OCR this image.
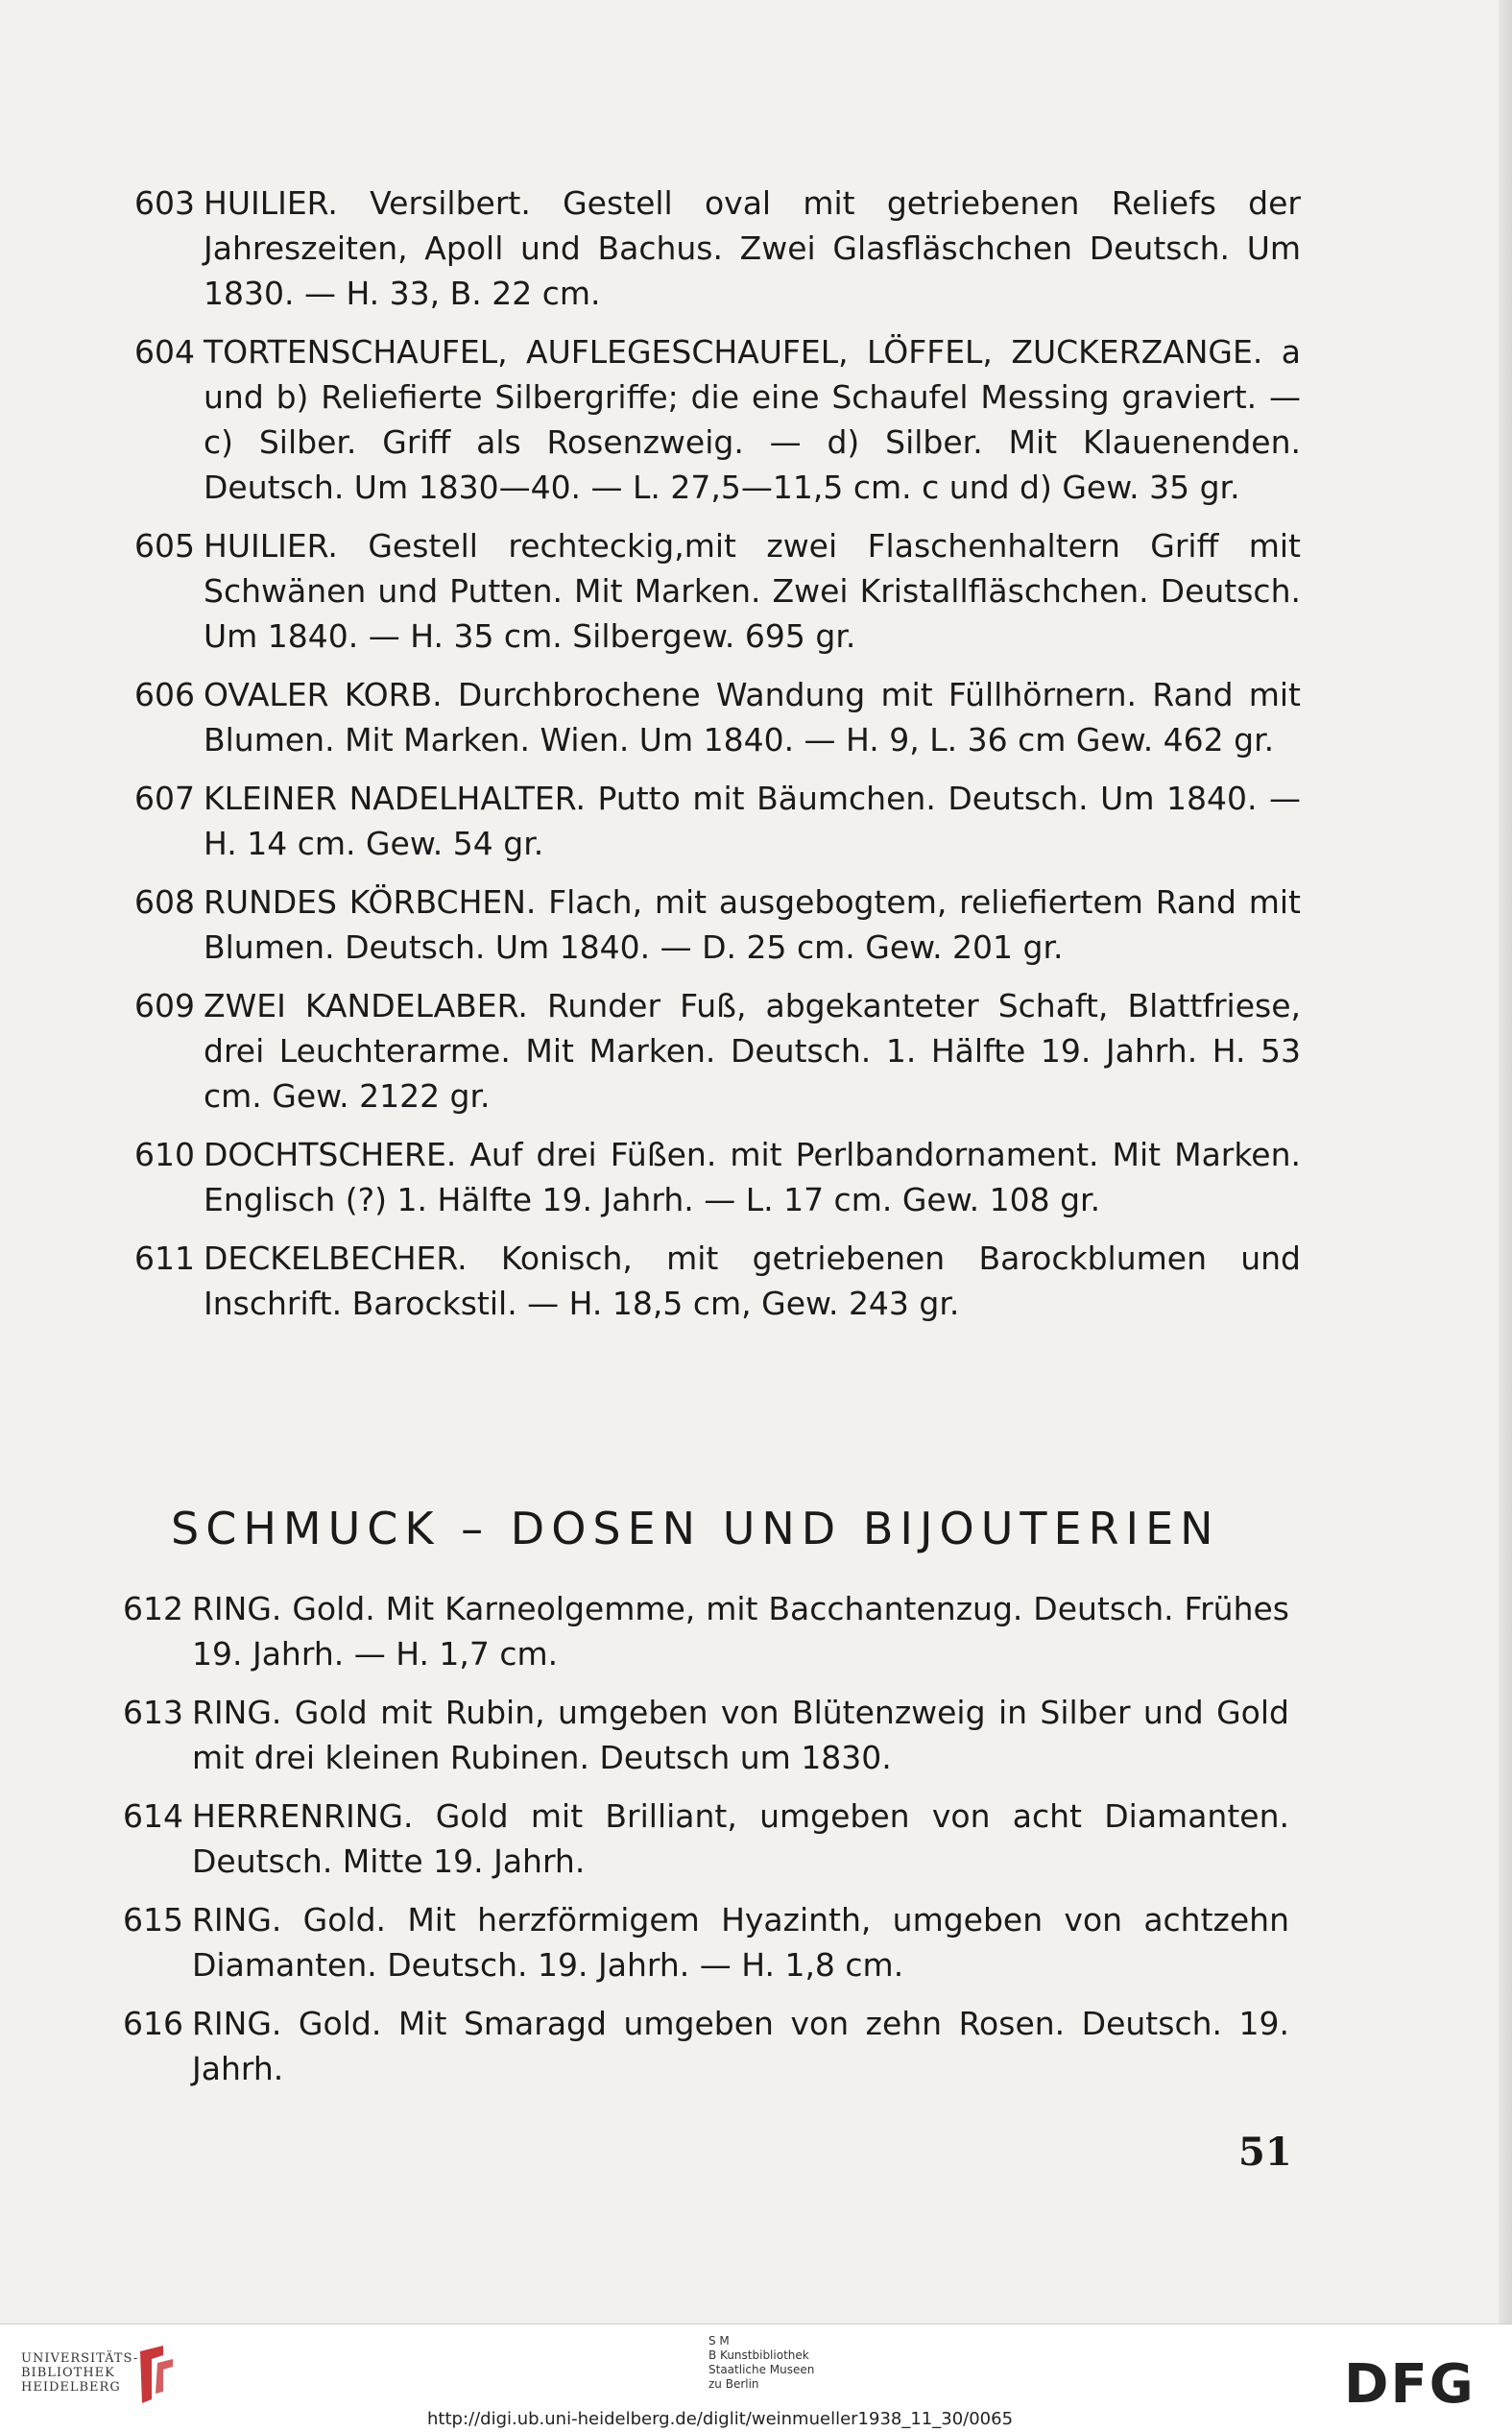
603 HUILIER. Versilbert. Gestell oval mit getriebenen Reliefs der Jahreszeiten, Apoll und Bachus. Zwei Glasfläschchen Deutsch. Um 1830. — H. 33, B. 22 cm.
604 TORTENSCHAUFEL, AUFLEGESCHAUFEL, LÖFFEL, ZUCKERZANGE. a und b) Reliefierte Silbergriffe; die eine Schaufel Messing graviert. — c) Silber. Griff als Rosenzweig. — d) Silber. Mit Klauenenden. Deutsch. Um 1830—40. — L. 27,5—11,5 cm. c und d) Gew. 35 gr.
605 HUILIER. Gestell rechteckig,mit zwei Flaschenhaltern Griff mit Schwänen und Putten. Mit Marken. Zwei Kristallfläschchen. Deutsch. Um 1840. — H. 35 cm. Silbergew. 695 gr.
606 OVALER KORB. Durchbrochene Wandung mit Füllhörnern. Rand mit Blumen. Mit Marken. Wien. Um 1840. — H. 9, L. 36 cm Gew. 462 gr.
607 KLEINER NADELHALTER. Putto mit Bäumchen. Deutsch. Um 1840. — H. 14 cm. Gew. 54 gr.
608 RUNDES KÖRBCHEN. Flach, mit ausgebogtem, reliefiertem Rand mit Blumen. Deutsch. Um 1840. — D. 25 cm. Gew. 201 gr.
609 ZWEI KANDELABER. Runder Fuß, abgekanteter Schaft, Blattfriese, drei Leuchterarme. Mit Marken. Deutsch. 1. Hälfte 19. Jahrh. H. 53 cm. Gew. 2122 gr.
610 DOCHTSCHERE. Auf drei Füßen. mit Perlbandornament. Mit Marken. Englisch (?) 1. Hälfte 19. Jahrh. — L. 17 cm. Gew. 108 gr.
611 DECKELBECHER. Konisch, mit getriebenen Barockblumen und Inschrift. Barockstil. — H. 18,5 cm, Gew. 243 gr.
SCHMUCK – DOSEN UND BIJOUTERIEN
612 RING. Gold. Mit Karneolgemme, mit Bacchantenzug. Deutsch. Frühes 19. Jahrh. — H. 1,7 cm.
613 RING. Gold mit Rubin, umgeben von Blütenzweig in Silber und Gold mit drei kleinen Rubinen. Deutsch um 1830.
614 HERRENRING. Gold mit Brilliant, umgeben von acht Diamanten. Deutsch. Mitte 19. Jahrh.
615 RING. Gold. Mit herzförmigem Hyazinth, umgeben von achtzehn Diamanten. Deutsch. 19. Jahrh. — H. 1,8 cm.
616 RING. Gold. Mit Smaragd umgeben von zehn Rosen. Deutsch. 19. Jahrh.
51
UNIVERSITÄTS-
BIBLIOTHEK
HEIDELBERG
S M
B Kunstbibliothek
Staatliche Museen
zu Berlin	DFG
http://digi.ub.uni-heidelberg.de/diglit/weinmueller1938_11_30/0065
